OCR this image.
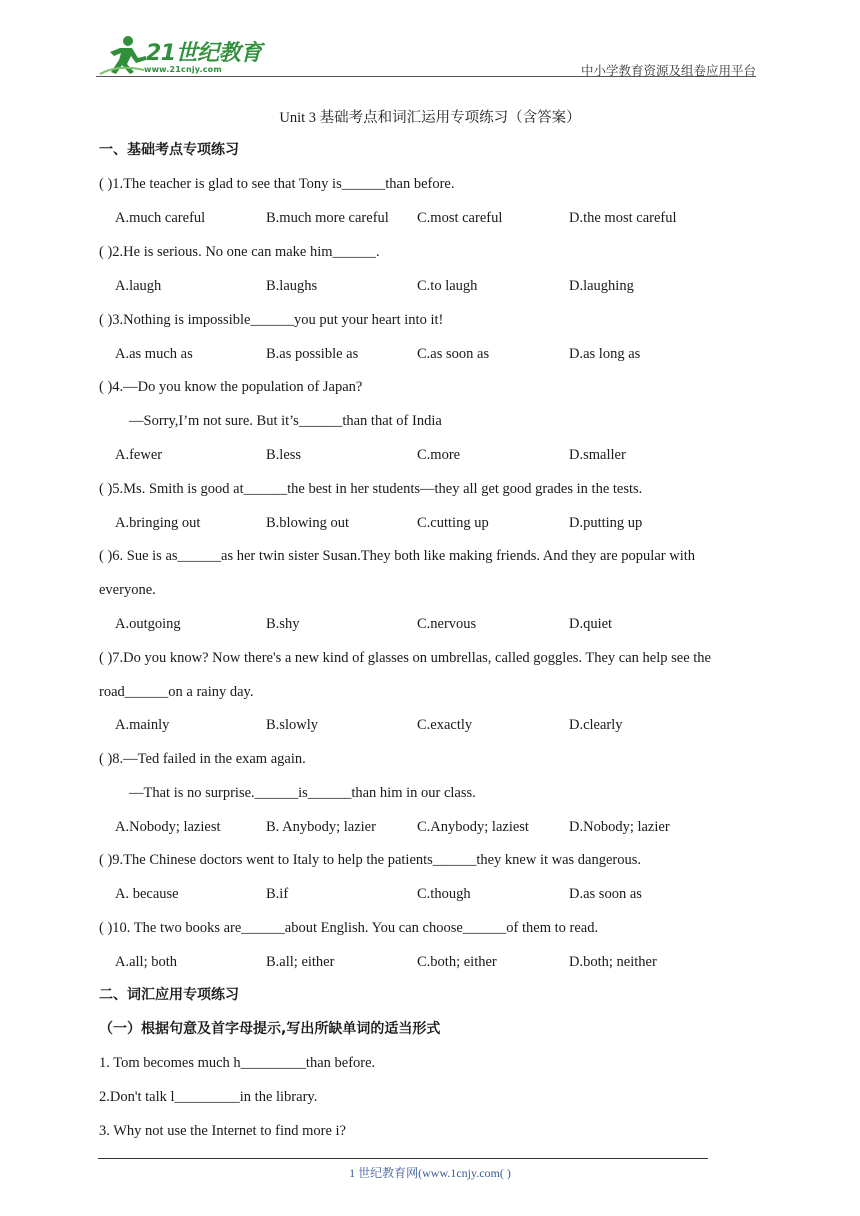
21世纪教育
www.21cnjy.com	中小学教育资源及组卷应用平台
Unit 3 基础考点和词汇运用专项练习（含答案）
一、基础考点专项练习
( )1.The teacher is glad to see that Tony is______than before.
A.much careful	B.much more careful C.most careful	D.the most careful
( )2.He is serious. No one can make him______.
A.laugh	B.laughs	C.to laugh	D.laughing
( )3.Nothing is impossible______you put your heart into it!
A.as much as	B.as possible as	C.as soon as	D.as long as
( )4.—Do you know the population of Japan?
—Sorry,I’m not sure. But it’s______than that of India
A.fewer	B.less	C.more	D.smaller
( )5.Ms. Smith is good at______the best in her students—they all get good grades in the tests.
A.bringing out	B.blowing out	C.cutting up	D.putting up
( )6. Sue is as______as her twin sister Susan.They both like making friends. And they are popular with
everyone.
A.outgoing	B.shy	C.nervous	D.quiet
( )7.Do you know? Now there's a new kind of glasses on umbrellas, called goggles. They can help see the
road______on a rainy day.
A.mainly	B.slowly	C.exactly	D.clearly
( )8.—Ted failed in the exam again.
—That is no surprise.______is______than him in our class.
A.Nobody; laziest	B. Anybody; lazier	C.Anybody; laziest	D.Nobody; lazier
( )9.The Chinese doctors went to Italy to help the patients______they knew it was dangerous.
A. because	B.if	C.though	D.as soon as
( )10. The two books are______about English. You can choose______of them to read.
A.all; both	B.all; either	C.both; either	D.both; neither
二、词汇应用专项练习
（一）根据句意及首字母提示,写出所缺单词的适当形式
1. Tom becomes much h_________than before.
2.Don't talk l_________in the library.
3. Why not use the Internet to find more i?
1 世纪教育网(www.1cnjy.com( )
